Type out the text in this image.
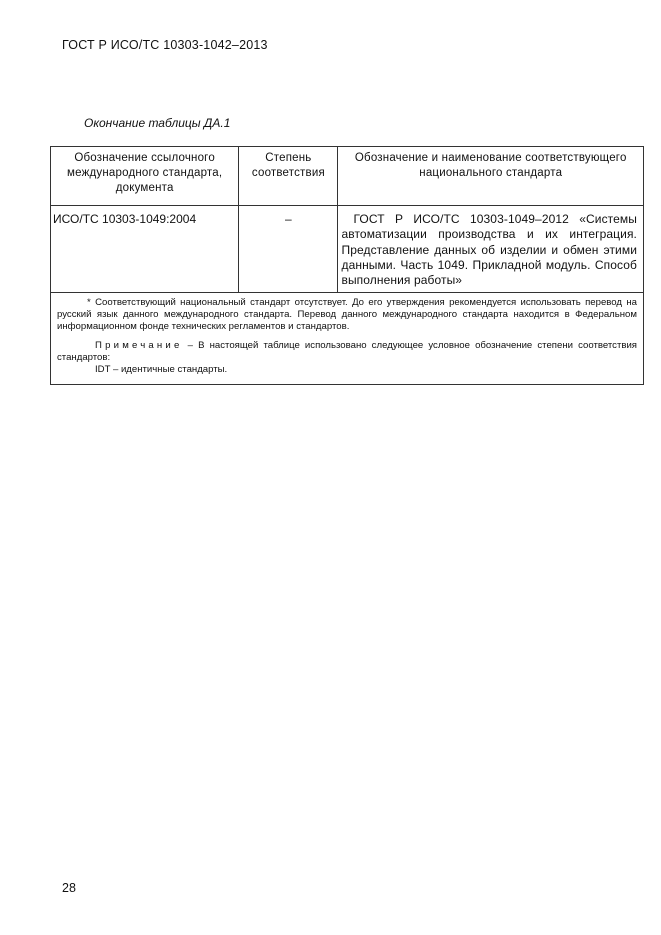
ГОСТ Р ИСО/ТС 10303-1042–2013
Окончание таблицы ДА.1
Обозначение ссылочного международного стандарта, документа	Степень соответствия	Обозначение и наименование соответствующего национального стандарта

ИСО/ТС 10303-1049:2004	–	ГОСТ Р ИСО/ТС 10303-1049–2012 «Системы автоматизации производства и их интеграция. Представление данных об изделии и обмен этими данными. Часть 1049. Прикладной модуль. Способ выполнения работы»

* Соответствующий национальный стандарт отсутствует. До его утверждения рекомендуется использовать перевод на русский язык данного международного стандарта. Перевод данного международного стандарта находится в Федеральном информационном фонде технических регламентов и стандартов.

Примечание – В настоящей таблице использовано следующее условное обозначение степени соответствия стандартов:

IDT – идентичные стандарты.		

28
